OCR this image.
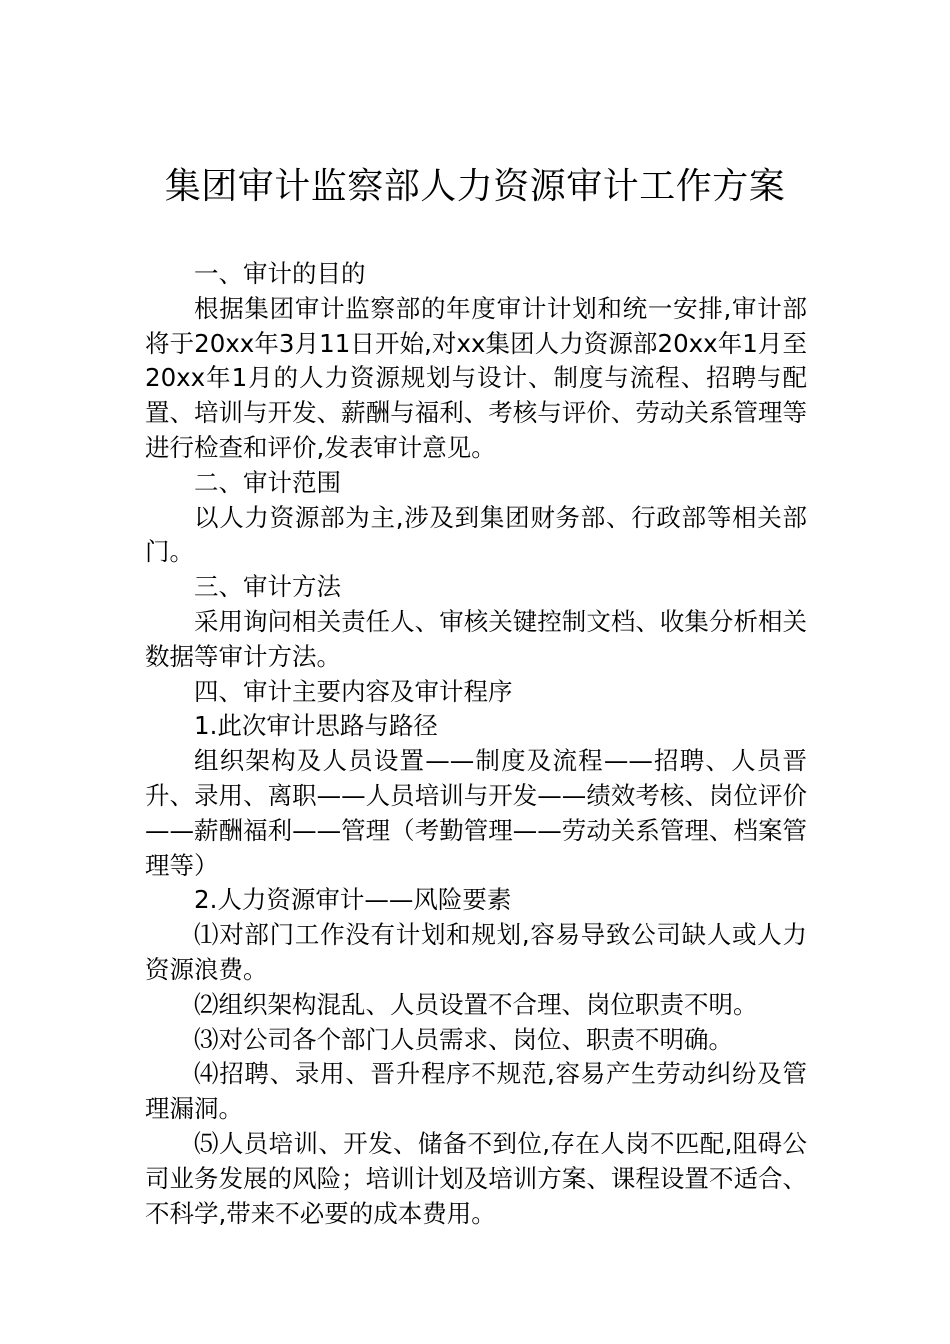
集团审计监察部人力资源审计工作方案

一、审计的目的

根据集团审计监察部的年度审计计划和统一安排,审计部将于20xx年3月11日开始,对xx集团人力资源部20xx年1月至20xx年1月的人力资源规划与设计、制度与流程、招聘与配置、培训与开发、薪酬与福利、考核与评价、劳动关系管理等进行检查和评价,发表审计意见。

二、审计范围

以人力资源部为主,涉及到集团财务部、行政部等相关部门。

三、审计方法

采用询问相关责任人、审核关键控制文档、收集分析相关数据等审计方法。

四、审计主要内容及审计程序

1.此次审计思路与路径

组织架构及人员设置——制度及流程——招聘、人员晋升、录用、离职——人员培训与开发——绩效考核、岗位评价——薪酬福利——管理（考勤管理——劳动关系管理、档案管理等）

2.人力资源审计——风险要素

⑴对部门工作没有计划和规划,容易导致公司缺人或人力资源浪费。

⑵组织架构混乱、人员设置不合理、岗位职责不明。

⑶对公司各个部门人员需求、岗位、职责不明确。

⑷招聘、录用、晋升程序不规范,容易产生劳动纠纷及管理漏洞。

⑸人员培训、开发、储备不到位,存在人岗不匹配,阻碍公司业务发展的风险；培训计划及培训方案、课程设置不适合、不科学,带来不必要的成本费用。
